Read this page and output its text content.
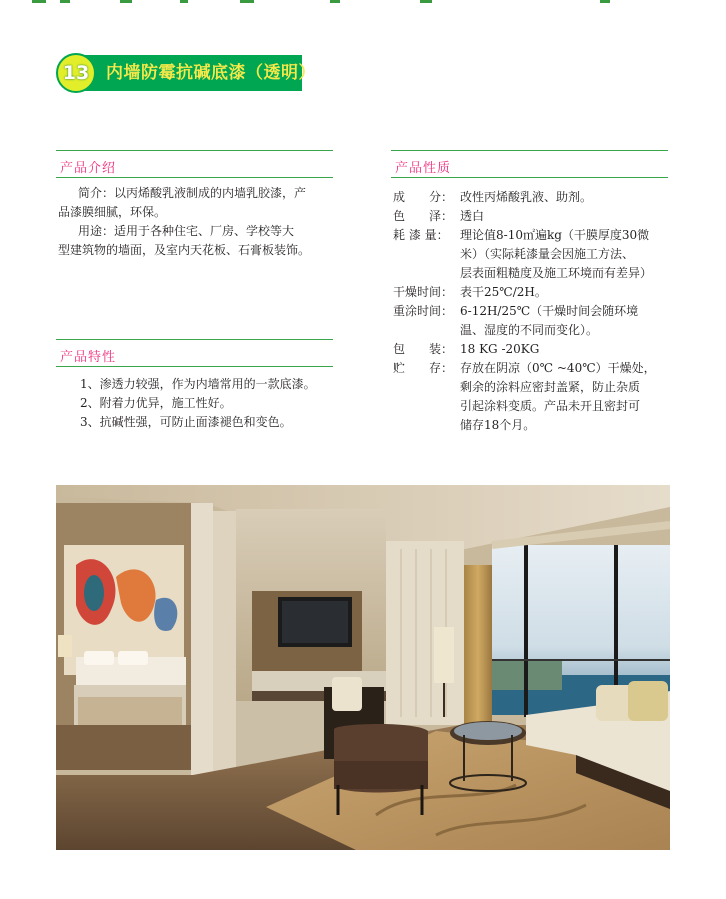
13 内墙防霉抗碱底漆（透明）
产品介绍
简介：以丙烯酸乳液制成的内墙乳胶漆，产
品漆膜细腻，环保。
用途：适用于各种住宅、厂房、学校等大
型建筑物的墙面，及室内天花板、石膏板装饰。
产品特性
1、渗透力较强，作为内墙常用的一款底漆。
2、附着力优异，施工性好。
3、抗碱性强，可防止面漆褪色和变色。
产品性质
成　　分： 改性丙烯酸乳液、助剂。
色　　泽： 透白
耗 漆 量： 理论值8-10㎡遍kg（干膜厚度30微
米）（实际耗漆量会因施工方法、
层表面粗糙度及施工环境而有差异）
干燥时间： 表干25℃/2H。
重涂时间： 6-12H/25℃（干燥时间会随环境
温、湿度的不同而变化）。
包　　装： 18 KG -20KG
贮　　存： 存放在阴凉（0℃ ~40℃）干燥处，
剩余的涂料应密封盖紧，防止杂质
引起涂料变质。产品未开且密封可
储存18个月。
